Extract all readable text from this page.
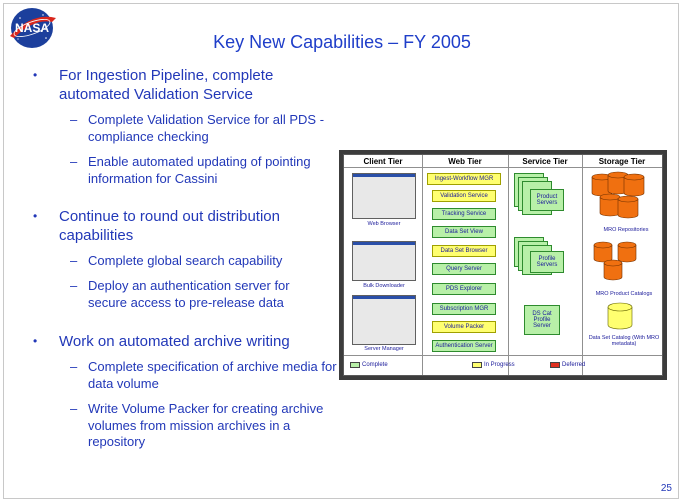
NASA
Key New Capabilities – FY 2005
• For Ingestion Pipeline, complete automated Validation Service
– Complete Validation Service for all PDS -compliance checking
– Enable automated updating of pointing information for Cassini
• Continue to round out distribution capabilities
– Complete global search capability
– Deploy an authentication server for secure access to pre-release data
• Work on automated archive writing
– Complete specification of archive media for data volume
– Write Volume Packer for creating archive volumes from mission archives in a repository
Client Tier	Web Tier	Service Tier	Storage Tier
Web Browser
Bulk Downloader
Server Manager
Ingest-Workflow MGR
Validation Service
Tracking Service
Data Set View
Data Set Browser
Query Server
PDS Explorer
Subscription MGR
Volume Packer
Authentication Server
Product Servers
Profile Servers
DS Cat Profile Server
MRO Repositories
MRO Product Catalogs
Data Set Catalog (With MRO metadata)
Complete	In Progress	Deferred
25
